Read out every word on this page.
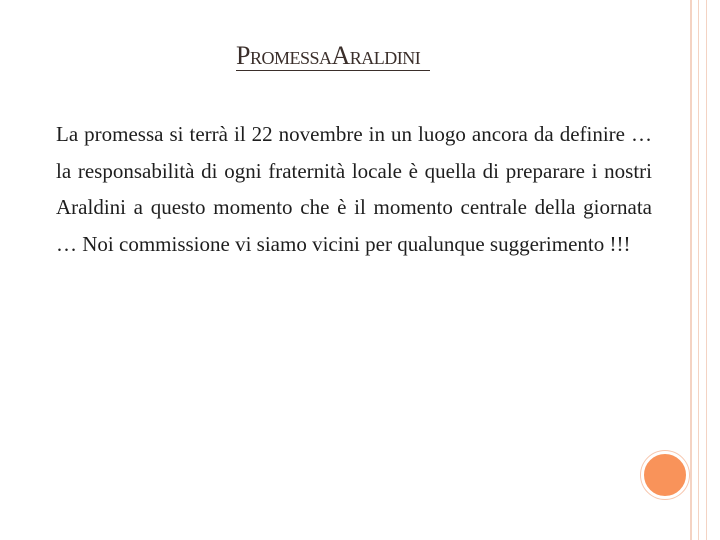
PromessaAraldini

La promessa si terrà il 22 novembre in un luogo ancora da definire … la responsabilità di ogni fraternità locale è quella di preparare i nostri Araldini a questo momento che è il momento centrale della giornata … Noi commissione vi siamo vicini per qualunque suggerimento !!!
